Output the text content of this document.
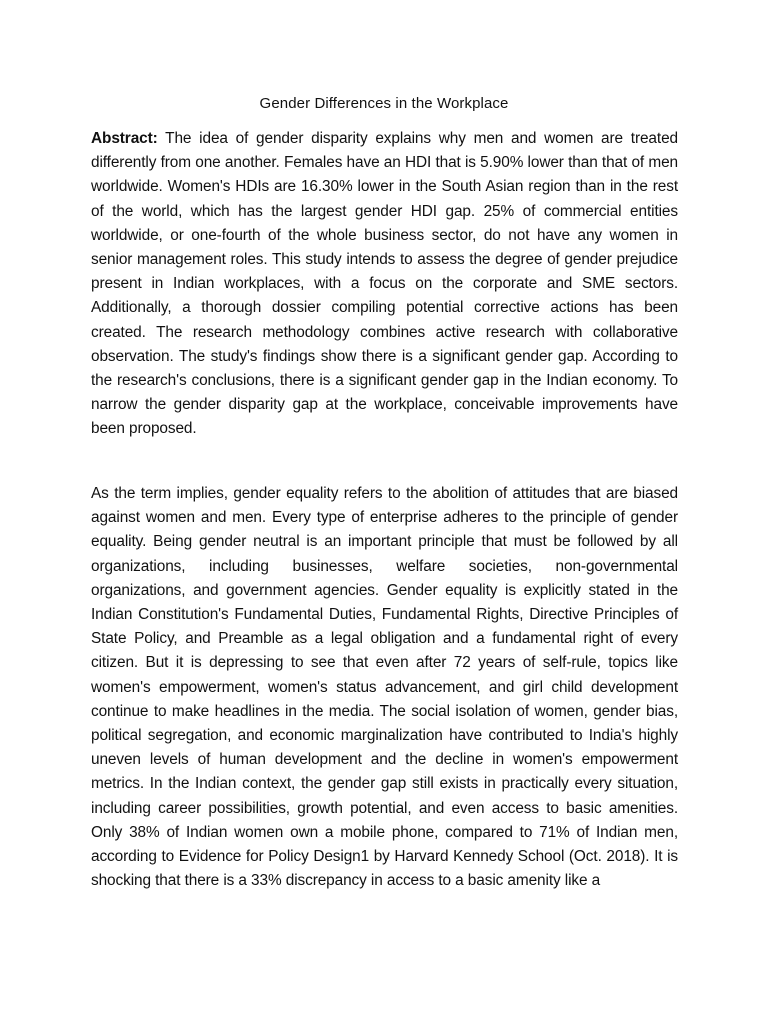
Gender Differences in the Workplace

Abstract: The idea of gender disparity explains why men and women are treated differently from one another. Females have an HDI that is 5.90% lower than that of men worldwide. Women's HDIs are 16.30% lower in the South Asian region than in the rest of the world, which has the largest gender HDI gap. 25% of commercial entities worldwide, or one-fourth of the whole business sector, do not have any women in senior management roles. This study intends to assess the degree of gender prejudice present in Indian workplaces, with a focus on the corporate and SME sectors. Additionally, a thorough dossier compiling potential corrective actions has been created. The research methodology combines active research with collaborative observation. The study's findings show there is a significant gender gap. According to the research's conclusions, there is a significant gender gap in the Indian economy. To narrow the gender disparity gap at the workplace, conceivable improvements have been proposed.

As the term implies, gender equality refers to the abolition of attitudes that are biased against women and men. Every type of enterprise adheres to the principle of gender equality. Being gender neutral is an important principle that must be followed by all organizations, including businesses, welfare societies, non-governmental organizations, and government agencies. Gender equality is explicitly stated in the Indian Constitution's Fundamental Duties, Fundamental Rights, Directive Principles of State Policy, and Preamble as a legal obligation and a fundamental right of every citizen. But it is depressing to see that even after 72 years of self-rule, topics like women's empowerment, women's status advancement, and girl child development continue to make headlines in the media. The social isolation of women, gender bias, political segregation, and economic marginalization have contributed to India's highly uneven levels of human development and the decline in women's empowerment metrics. In the Indian context, the gender gap still exists in practically every situation, including career possibilities, growth potential, and even access to basic amenities. Only 38% of Indian women own a mobile phone, compared to 71% of Indian men, according to Evidence for Policy Design1 by Harvard Kennedy School (Oct. 2018). It is shocking that there is a 33% discrepancy in access to a basic amenity like a
